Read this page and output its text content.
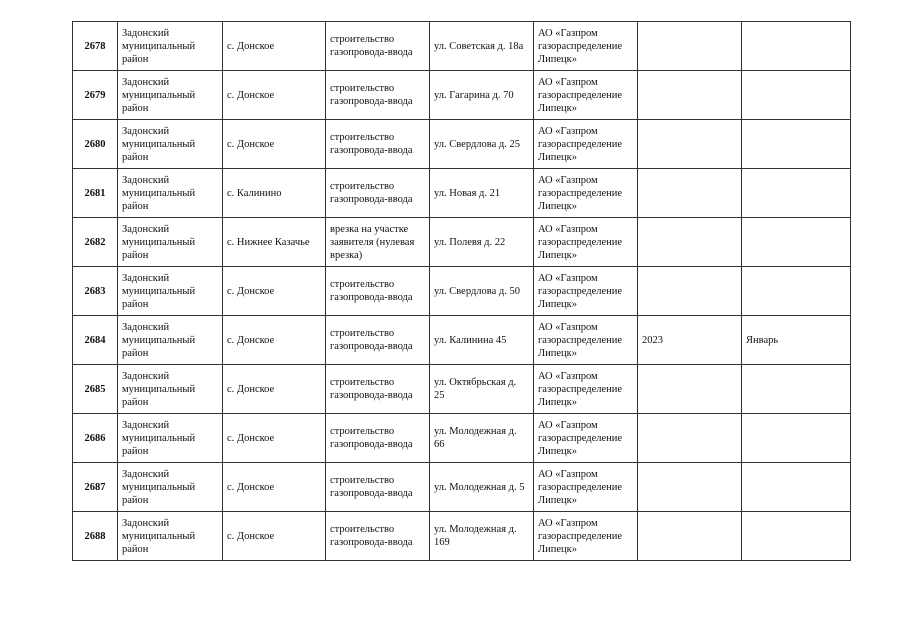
2678	Задонский муниципальный район	с. Донское	строительство газопровода-ввода	ул. Советская д. 18а	АО «Газпром газораспределение Липецк»		
2679	Задонский муниципальный район	с. Донское	строительство газопровода-ввода	ул. Гагарина д. 70	АО «Газпром газораспределение Липецк»		
2680	Задонский муниципальный район	с. Донское	строительство газопровода-ввода	ул. Свердлова д. 25	АО «Газпром газораспределение Липецк»		
2681	Задонский муниципальный район	с. Калинино	строительство газопровода-ввода	ул. Новая д. 21	АО «Газпром газораспределение Липецк»		
2682	Задонский муниципальный район	с. Нижнее Казачье	врезка на участке заявителя (нулевая врезка)	ул. Полевя д. 22	АО «Газпром газораспределение Липецк»		
2683	Задонский муниципальный район	с. Донское	строительство газопровода-ввода	ул. Свердлова д. 50	АО «Газпром газораспределение Липецк»		
2684	Задонский муниципальный район	с. Донское	строительство газопровода-ввода	ул. Калинина 45	АО «Газпром газораспределение Липецк»	2023	Январь
2685	Задонский муниципальный район	с. Донское	строительство газопровода-ввода	ул. Октябрьская д. 25	АО «Газпром газораспределение Липецк»		
2686	Задонский муниципальный район	с. Донское	строительство газопровода-ввода	ул. Молодежная д. 66	АО «Газпром газораспределение Липецк»		
2687	Задонский муниципальный район	с. Донское	строительство газопровода-ввода	ул. Молодежная д. 5	АО «Газпром газораспределение Липецк»		
2688	Задонский муниципальный район	с. Донское	строительство газопровода-ввода	ул. Молодежная д. 169	АО «Газпром газораспределение Липецк»		
